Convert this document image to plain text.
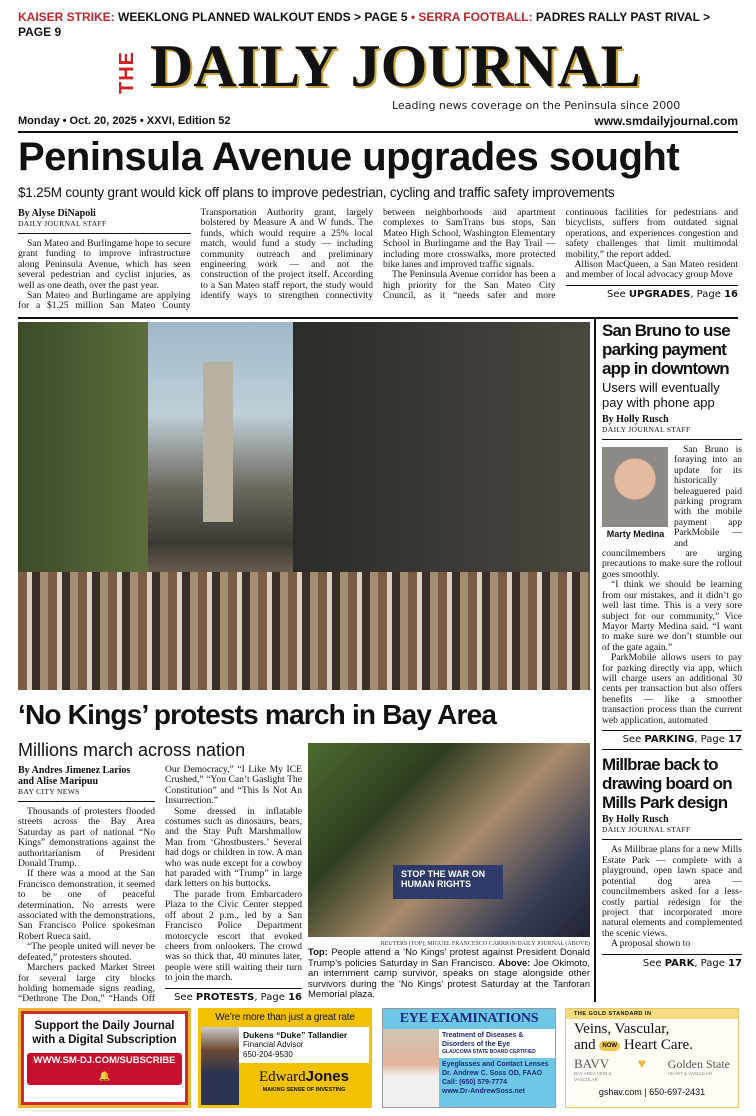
KAISER STRIKE: WEEKLONG PLANNED WALKOUT ENDS > PAGE 5 • SERRA FOOTBALL: PADRES RALLY PAST RIVAL > PAGE 9
THE DAILY JOURNAL
Leading news coverage on the Peninsula since 2000
Monday • Oct. 20, 2025 • XXVI, Edition 52	www.smdailyjournal.com
Peninsula Avenue upgrades sought
$1.25M county grant would kick off plans to improve pedestrian, cycling and traffic safety improvements
By Alyse DiNapoli
DAILY JOURNAL STAFF

San Mateo and Burlingame hope to secure grant funding to improve infrastructure along Peninsula Avenue, which has seen several pedestrian and cyclist injuries, as well as one death, over the past year.

San Mateo and Burlingame are applying for a $1.25 million San Mateo County Transportation Authority grant, largely bolstered by Measure A and W funds. The funds, which would require a 25% local match, would fund a study — including community outreach and preliminary engineering work — and not the construction of the project itself. According to a San Mateo staff report, the study would identify ways to strengthen connectivity between neighborhoods and apartment complexes to SamTrans bus stops, San Mateo High School, Washington Elementary School in Burlingame and the Bay Trail — including more crosswalks, more protected bike lanes and improved traffic signals.

The Peninsula Avenue corridor has been a high priority for the San Mateo City Council, as it “needs safer and more continuous facilities for pedestrians and bicyclists, suffers from outdated signal operations, and experiences congestion and safety challenges that limit multimodal mobility,” the report added.

Allison MacQueen, a San Mateo resident and member of local advocacy group Move

See UPGRADES, Page 16
‘No Kings’ protests march in Bay Area
Millions march across nation
By Andres Jimenez Larios
and Alise Maripuu
BAY CITY NEWS

Thousands of protesters flooded streets across the Bay Area Saturday as part of national “No Kings” demonstrations against the authoritarianism of President Donald Trump.

If there was a mood at the San Francisco demonstration, it seemed to be one of peaceful determination. No arrests were associated with the demonstrations, San Francisco Police spokesman Robert Rueca said.

“The people united will never be defeated,” protesters shouted.

Marchers packed Market Street for several large city blocks holding homemade signs reading, “Dethrone The Don,” “Hands Off Our Democracy,” “I Like My ICE Crushed,” “You Can’t Gaslight The Constitution” and “This Is Not An Insurrection.”

Some dressed in inflatable costumes such as dinosaurs, bears, and the Stay Puft Marshmallow Man from ‘Ghostbusters.’ Several had dogs or children in tow. A man who was nude except for a cowboy hat paraded with “Trump” in large dark letters on his buttocks.

The parade from Embarcadero Plaza to the Civic Center stepped off about 2 p.m., led by a San Francisco Police Department motorcycle escort that evoked cheers from onlookers. The crowd was so thick that, 40 minutes later, people were still waiting their turn to join the march.

See PROTESTS, Page 16
STOP THE WAR ON HUMAN RIGHTS
REUTERS (TOP); MIGUEL FRANCESCO CARRION/DAILY JOURNAL (ABOVE)
Top: People attend a ‘No Kings’ protest against President Donald Trump’s policies Saturday in San Francisco. Above: Joe Okimoto, an internment camp survivor, speaks on stage alongside other survivors during the ‘No Kings’ protest Saturday at the Tanforan Memorial plaza.
San Bruno to use parking payment app in downtown
Users will eventually pay with phone app
By Holly Rusch
DAILY JOURNAL STAFF
Marty Medina

San Bruno is foraying into an update for its historically beleaguered paid parking program with the mobile payment app ParkMobile — and councilmembers are urging precautions to make sure the rollout goes smoothly.

“I think we should be learning from our mistakes, and it didn’t go well last time. This is a very sore subject for our community,” Vice Mayor Marty Medina said. “I want to make sure we don’t stumble out of the gate again.”

ParkMobile allows users to pay for parking directly via app, which will charge users an additional 30 cents per transaction but also offers benefits — like a smoother transaction process than the current web application, automated

See PARKING, Page 17
Millbrae back to drawing board on Mills Park design
By Holly Rusch
DAILY JOURNAL STAFF

As Millbrae plans for a new Mills Estate Park — complete with a playground, open lawn space and potential dog area — councilmembers asked for a less-costly partial redesign for the project that incorporated more natural elements and complemented the scenic views.

A proposal shown to

See PARK, Page 17
Support the Daily Journal
with a Digital Subscription
WWW.SM-DJ.COM/SUBSCRIBE 🔔
We’re more than just a great rate
Dukens “Duke” Tallandier
Financial Advisor
650-204-9530
EdwardJones
MAKING SENSE OF INVESTING
EYE EXAMINATIONS
Treatment of Diseases &
Disorders of the Eye
GLAUCOMA STATE BOARD CERTIFIED
Eyeglasses and Contact Lenses
Dr. Andrew C. Soss OD, FAAO
Call: (650) 579-7774
www.Dr-AndrewSoss.net
THE GOLD STANDARD IN
Veins, Vascular,
and NOW Heart Care.
BAVV
BAY AREA VEIN & VASCULAR
♥ Golden State
HEART & VASCULAR
gshav.com | 650-697-2431
